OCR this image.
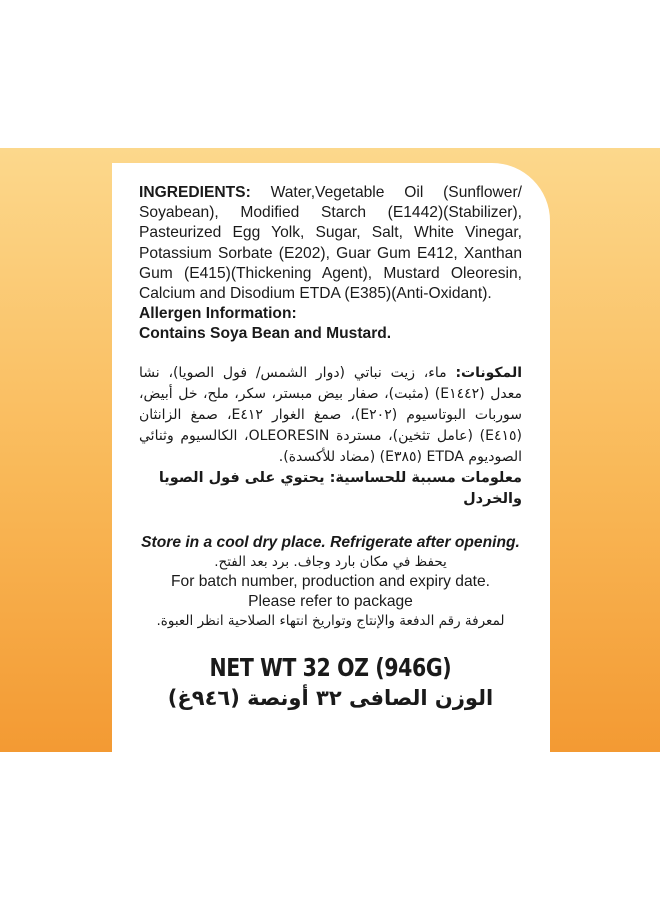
INGREDIENTS: Water,Vegetable Oil (Sunflower/ Soyabean), Modified Starch (E1442)(Stabilizer), Pasteurized Egg Yolk, Sugar, Salt, White Vinegar, Potassium Sorbate (E202), Guar Gum E412, Xanthan Gum (E415)(Thickening Agent), Mustard Oleoresin, Calcium and Disodium ETDA (E385)(Anti-Oxidant).
Allergen Information:
Contains Soya Bean and Mustard.
المكونات: ماء، زيت نباتي (دوار الشمس/ فول الصويا)، نشا معدل (E١٤٤٢) (مثبت)، صفار بيض مبستر، سكر، ملح، خل أبيض، سوربات البوتاسيوم (E٢٠٢)، صمغ الغوار E٤١٢، صمغ الزانثان (E٤١٥) (عامل تثخين)، مستردة OLEORESIN، الكالسيوم وثنائي الصوديوم ETDA (E٣٨٥) (مضاد للأكسدة).
معلومات مسببة للحساسية: يحتوي على فول الصويا والخردل
Store in a cool dry place. Refrigerate after opening.
يحفظ في مكان بارد وجاف. برد بعد الفتح.
For batch number, production and expiry date.
Please refer to package
لمعرفة رقم الدفعة والإنتاج وتواريخ انتهاء الصلاحية انظر العبوة.
NET WT 32 OZ (946G)
الوزن الصافى ٣٢ أونصة (٩٤٦غ)
